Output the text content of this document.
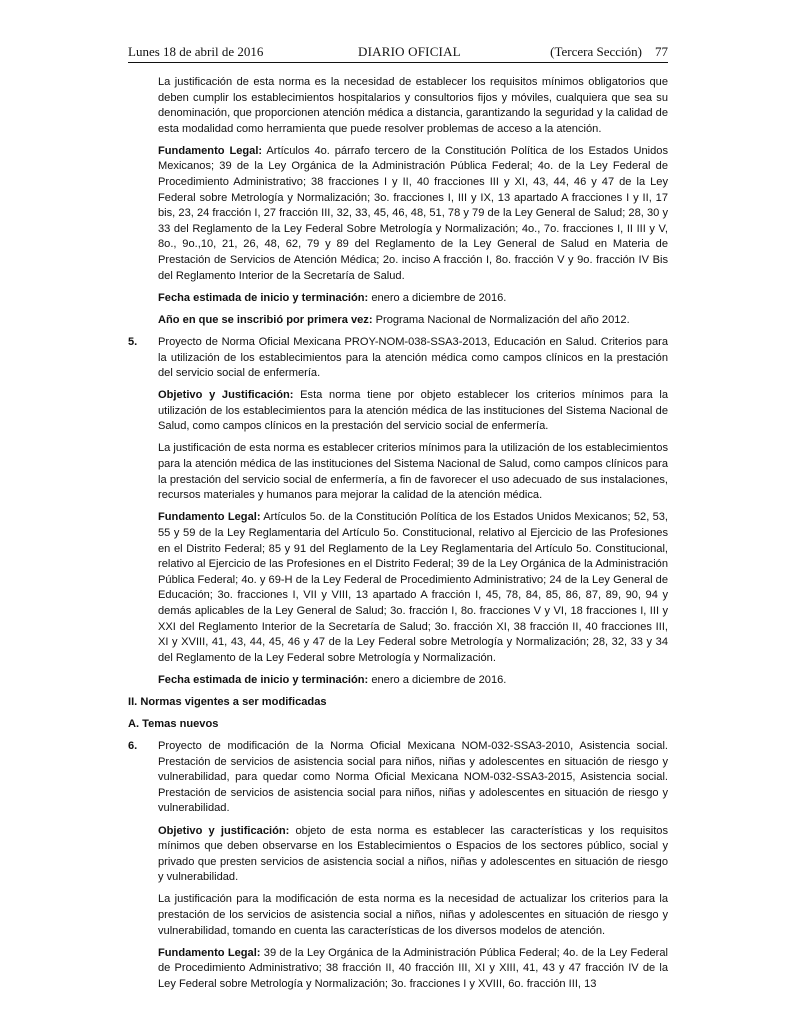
Lunes 18 de abril de 2016	DIARIO OFICIAL	(Tercera Sección) 77

La justificación de esta norma es la necesidad de establecer los requisitos mínimos obligatorios que deben cumplir los establecimientos hospitalarios y consultorios fijos y móviles, cualquiera que sea su denominación, que proporcionen atención médica a distancia, garantizando la seguridad y la calidad de esta modalidad como herramienta que puede resolver problemas de acceso a la atención.

Fundamento Legal: Artículos 4o. párrafo tercero de la Constitución Política de los Estados Unidos Mexicanos; 39 de la Ley Orgánica de la Administración Pública Federal; 4o. de la Ley Federal de Procedimiento Administrativo; 38 fracciones I y II, 40 fracciones III y XI, 43, 44, 46 y 47 de la Ley Federal sobre Metrología y Normalización; 3o. fracciones I, III y IX, 13 apartado A fracciones I y II, 17 bis, 23, 24 fracción I, 27 fracción III, 32, 33, 45, 46, 48, 51, 78 y 79 de la Ley General de Salud; 28, 30 y 33 del Reglamento de la Ley Federal Sobre Metrología y Normalización; 4o., 7o. fracciones I, II III y V, 8o., 9o.,10, 21, 26, 48, 62, 79 y 89 del Reglamento de la Ley General de Salud en Materia de Prestación de Servicios de Atención Médica; 2o. inciso A fracción I, 8o. fracción V y 9o. fracción IV Bis del Reglamento Interior de la Secretaría de Salud.

Fecha estimada de inicio y terminación: enero a diciembre de 2016.

Año en que se inscribió por primera vez: Programa Nacional de Normalización del año 2012.

5. Proyecto de Norma Oficial Mexicana PROY-NOM-038-SSA3-2013, Educación en Salud. Criterios para la utilización de los establecimientos para la atención médica como campos clínicos en la prestación del servicio social de enfermería.

Objetivo y Justificación: Esta norma tiene por objeto establecer los criterios mínimos para la utilización de los establecimientos para la atención médica de las instituciones del Sistema Nacional de Salud, como campos clínicos en la prestación del servicio social de enfermería.

La justificación de esta norma es establecer criterios mínimos para la utilización de los establecimientos para la atención médica de las instituciones del Sistema Nacional de Salud, como campos clínicos para la prestación del servicio social de enfermería, a fin de favorecer el uso adecuado de sus instalaciones, recursos materiales y humanos para mejorar la calidad de la atención médica.

Fundamento Legal: Artículos 5o. de la Constitución Política de los Estados Unidos Mexicanos; 52, 53, 55 y 59 de la Ley Reglamentaria del Artículo 5o. Constitucional, relativo al Ejercicio de las Profesiones en el Distrito Federal; 85 y 91 del Reglamento de la Ley Reglamentaria del Artículo 5o. Constitucional, relativo al Ejercicio de las Profesiones en el Distrito Federal; 39 de la Ley Orgánica de la Administración Pública Federal; 4o. y 69-H de la Ley Federal de Procedimiento Administrativo; 24 de la Ley General de Educación; 3o. fracciones I, VII y VIII, 13 apartado A fracción I, 45, 78, 84, 85, 86, 87, 89, 90, 94 y demás aplicables de la Ley General de Salud; 3o. fracción I, 8o. fracciones V y VI, 18 fracciones I, III y XXI del Reglamento Interior de la Secretaría de Salud; 3o. fracción XI, 38 fracción II, 40 fracciones III, XI y XVIII, 41, 43, 44, 45, 46 y 47 de la Ley Federal sobre Metrología y Normalización; 28, 32, 33 y 34 del Reglamento de la Ley Federal sobre Metrología y Normalización.

Fecha estimada de inicio y terminación: enero a diciembre de 2016.

II. Normas vigentes a ser modificadas

A. Temas nuevos

6. Proyecto de modificación de la Norma Oficial Mexicana NOM-032-SSA3-2010, Asistencia social. Prestación de servicios de asistencia social para niños, niñas y adolescentes en situación de riesgo y vulnerabilidad, para quedar como Norma Oficial Mexicana NOM-032-SSA3-2015, Asistencia social. Prestación de servicios de asistencia social para niños, niñas y adolescentes en situación de riesgo y vulnerabilidad.

Objetivo y justificación: objeto de esta norma es establecer las características y los requisitos mínimos que deben observarse en los Establecimientos o Espacios de los sectores público, social y privado que presten servicios de asistencia social a niños, niñas y adolescentes en situación de riesgo y vulnerabilidad.

La justificación para la modificación de esta norma es la necesidad de actualizar los criterios para la prestación de los servicios de asistencia social a niños, niñas y adolescentes en situación de riesgo y vulnerabilidad, tomando en cuenta las características de los diversos modelos de atención.

Fundamento Legal: 39 de la Ley Orgánica de la Administración Pública Federal; 4o. de la Ley Federal de Procedimiento Administrativo; 38 fracción II, 40 fracción III, XI y XIII, 41, 43 y 47 fracción IV de la Ley Federal sobre Metrología y Normalización; 3o. fracciones I y XVIII, 6o. fracción III, 13
